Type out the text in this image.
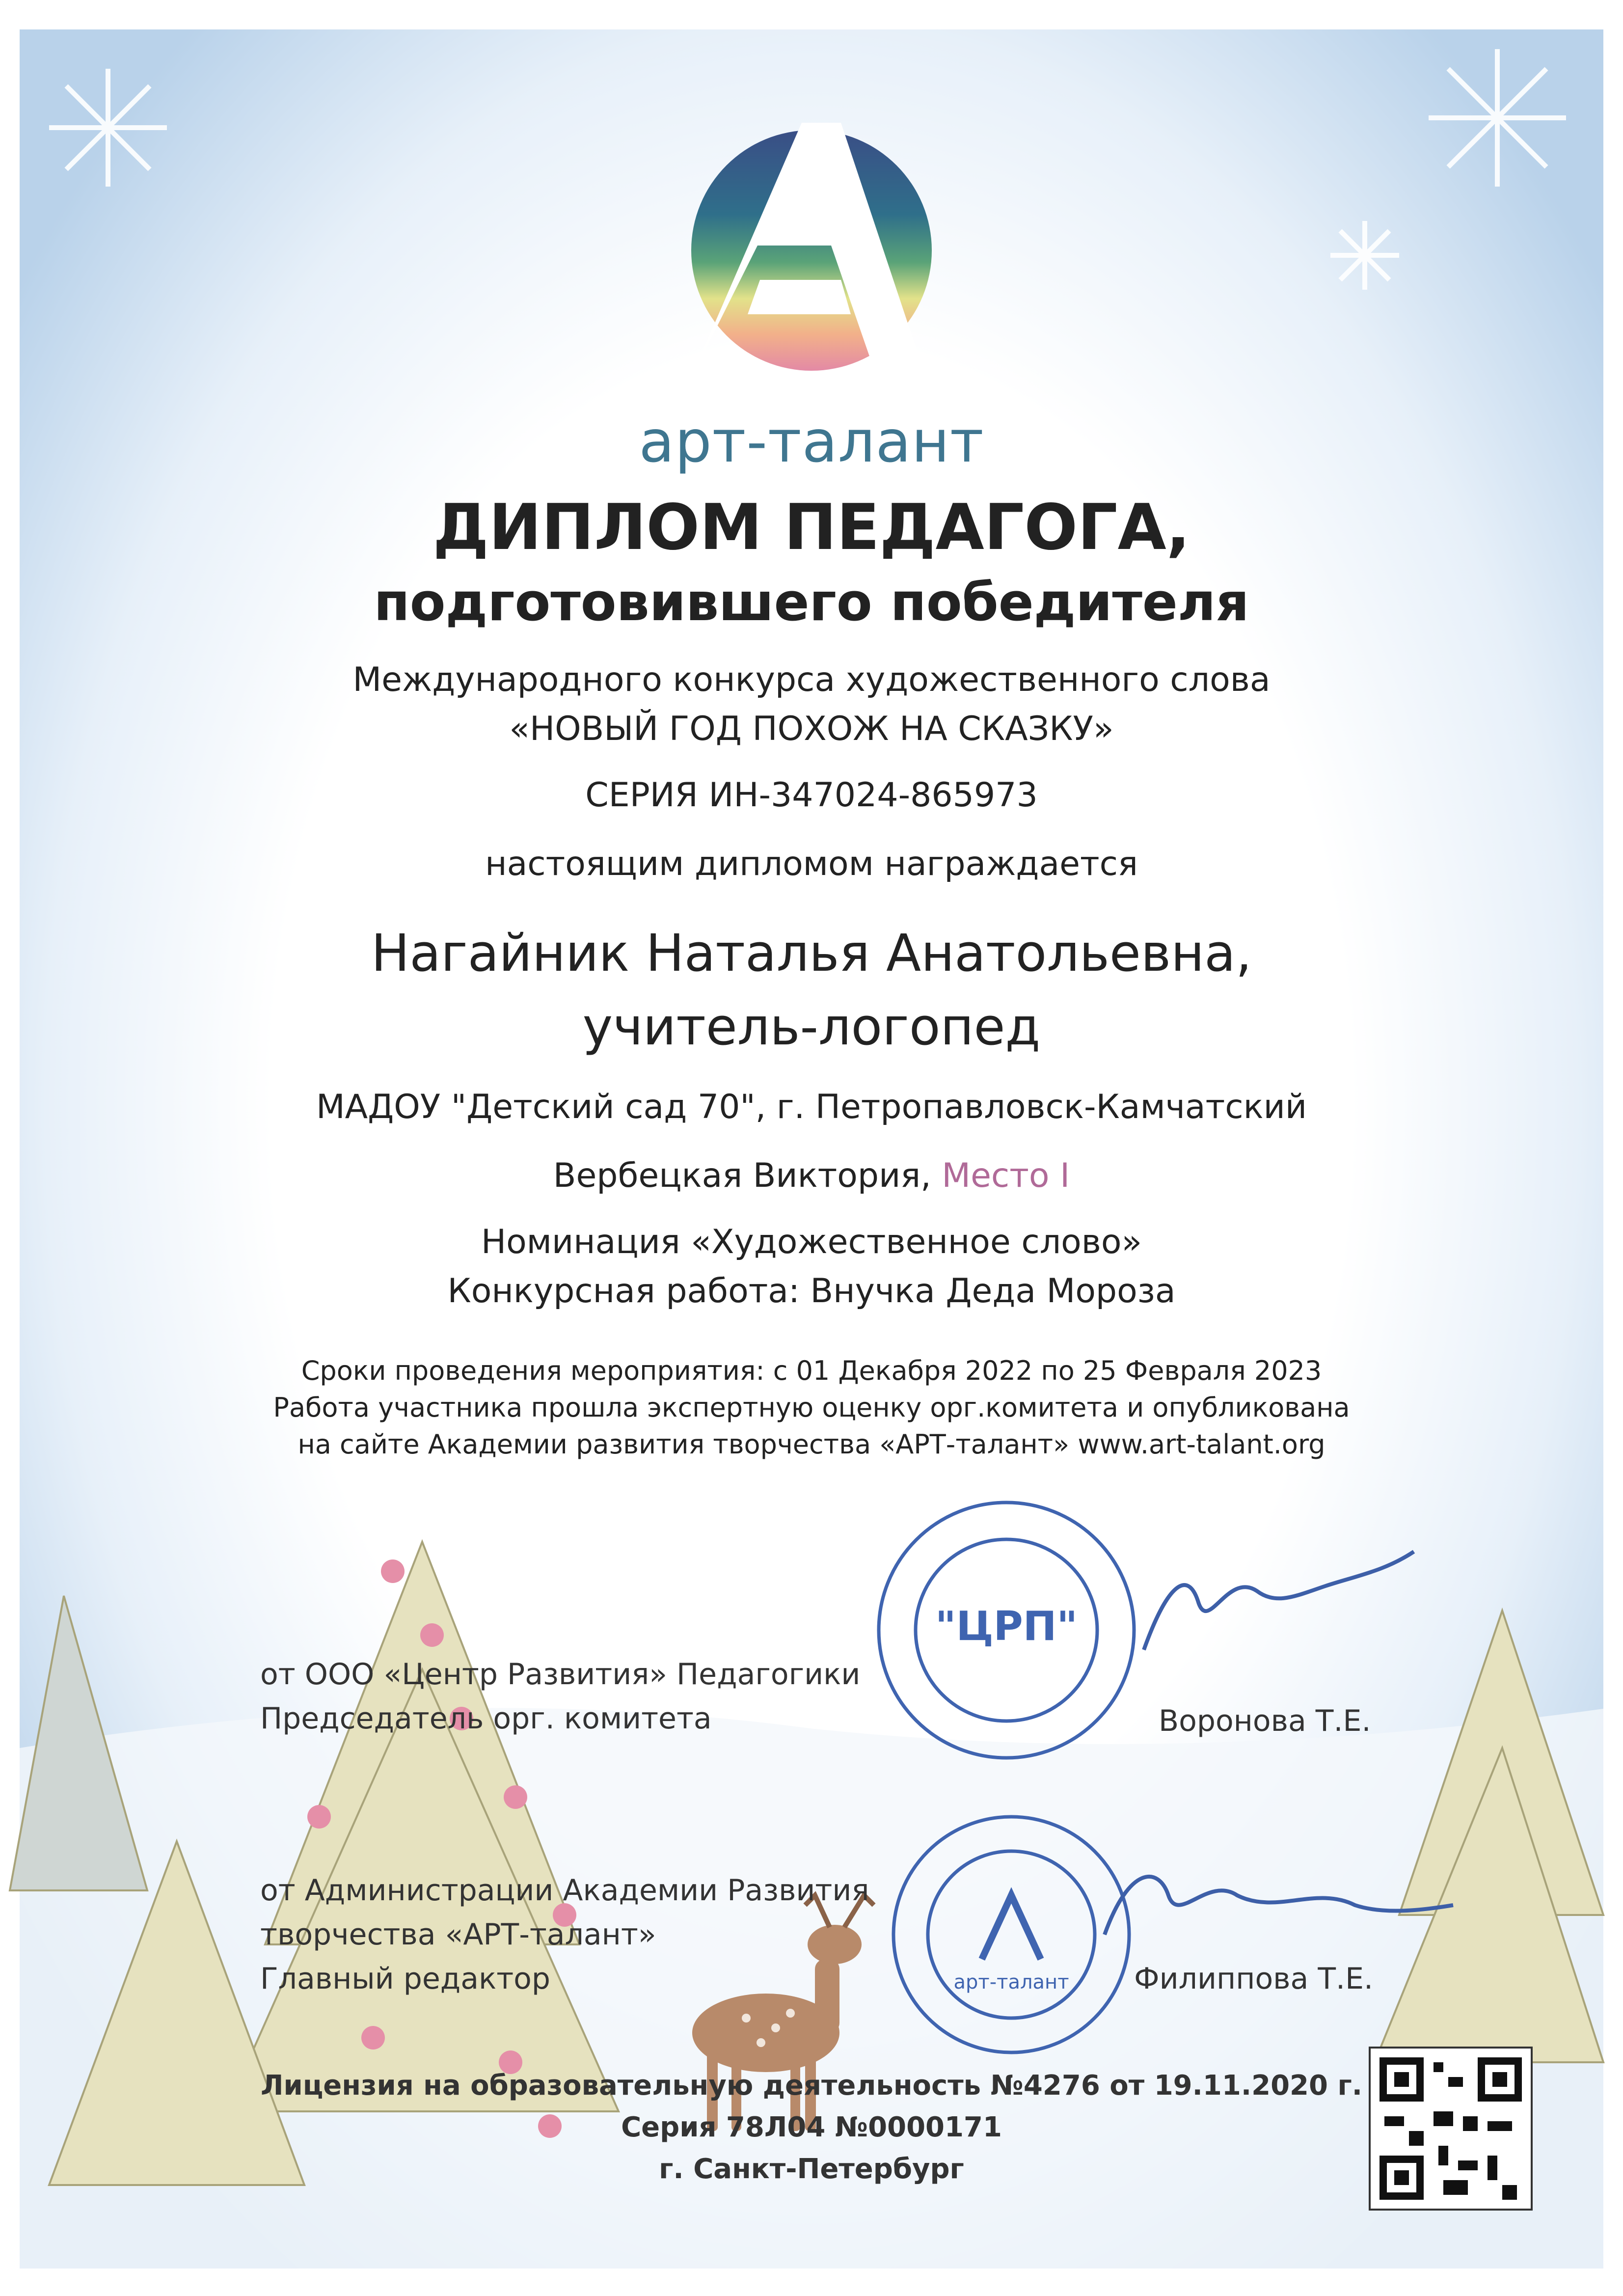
"ЦРП"
арт-талант
арт-талант
ДИПЛОМ ПЕДАГОГА,
подготовившего победителя
Международного конкурса художественного слова
«НОВЫЙ ГОД ПОХОЖ НА СКАЗКУ»
СЕРИЯ ИН-347024-865973
настоящим дипломом награждается
Нагайник Наталья Анатольевна,
учитель-логопед
МАДОУ "Детский сад 70", г. Петропавловск-Камчатский
Вербецкая Виктория, Место I
Номинация «Художественное слово»
Конкурсная работа: Внучка Деда Мороза
Сроки проведения мероприятия: с 01 Декабря 2022 по 25 Февраля 2023
Работа участника прошла экспертную оценку орг.комитета и опубликована
на сайте Академии развития творчества «АРТ-талант» www.art-talant.org
от ООО «Центр Развития» Педагогики
Председатель орг. комитета	Воронова Т.Е.
от Администрации Академии Развития
творчества «АРТ-талант»
Главный редактор	Филиппова Т.Е.
Лицензия на образовательную деятельность №4276 от 19.11.2020 г.
Серия 78Л04 №0000171
г. Санкт-Петербург
